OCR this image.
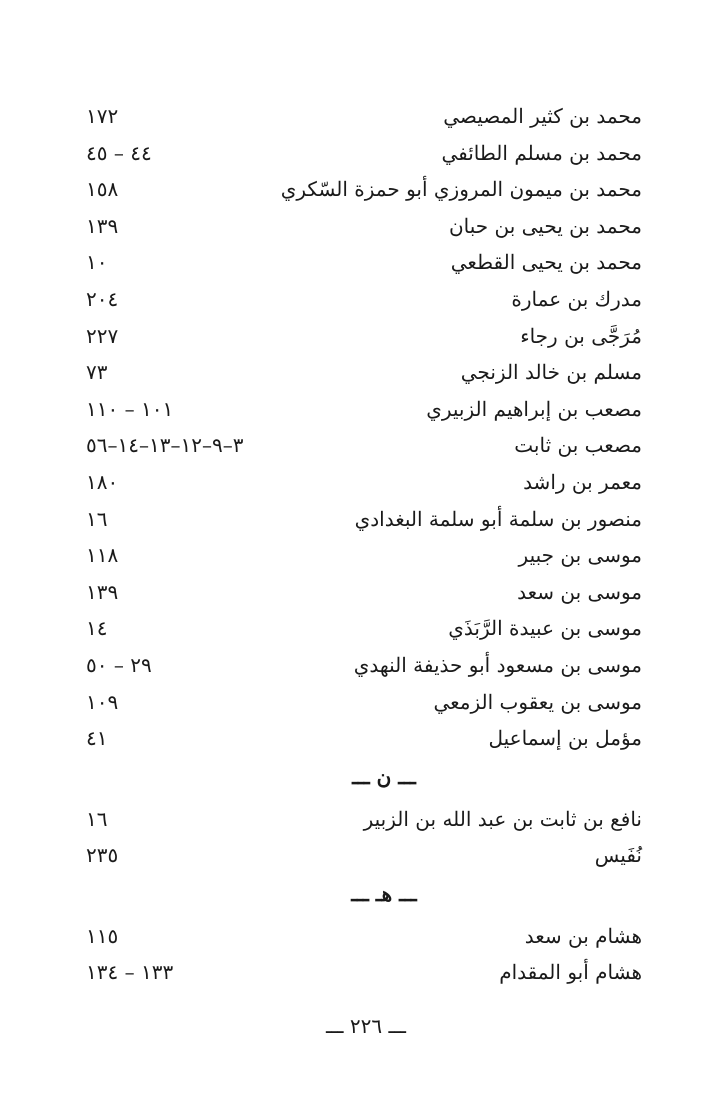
محمد بن كثير المصيصي
١٧٢
محمد بن مسلم الطائفي
٤٤ – ٤٥
محمد بن ميمون المروزي أبو حمزة السّكري
١٥٨
محمد بن يحيى بن حبان
١٣٩
محمد بن يحيى القطعي
١٠
مدرك بن عمارة
٢٠٤
مُرَجَّى بن رجاء
٢٢٧
مسلم بن خالد الزنجي
٧٣
مصعب بن إبراهيم الزبيري
١٠١ – ١١٠
مصعب بن ثابت
٣–٩–١٢–١٣–١٤–٥٦
معمر بن راشد
١٨٠
منصور بن سلمة أبو سلمة البغدادي
١٦
موسى بن جبير
١١٨
موسى بن سعد
١٣٩
موسى بن عبيدة الرَّبَذَي
١٤
موسى بن مسعود أبو حذيفة النهدي
٢٩ – ٥٠
موسى بن يعقوب الزمعي
١٠٩
مؤمل بن إسماعيل
٤١
ـــ ن ـــ
نافع بن ثابت بن عبد الله بن الزبير
١٦
نُفَيس
٢٣٥
ـــ هـ ـــ
هشام بن سعد
١١٥
هشام أبو المقدام
١٣٣ – ١٣٤
ـــ ٢٢٦ ـــ
